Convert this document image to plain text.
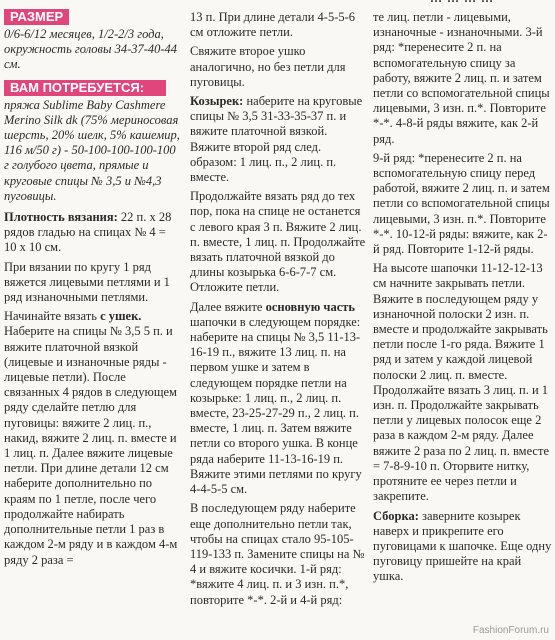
РАЗМЕР

0/6-6/12 месяцев, 1/2-2/3 года, окружность головы 34-37-40-44 см.

ВАМ ПОТРЕБУЕТСЯ:

пряжа Sublime Baby Cashmere Merino Silk dk (75% мериносовая шерсть, 20% шелк, 5% кашемир, 116 м/50 г) - 50-100-100-100-100 г голубого цвета, прямые и круговые спицы № 3,5 и №4,3 пуговицы.

Плотность вязания: 22 п. х 28 рядов гладью на спицах № 4 = 10 х 10 см.

При вязании по кругу 1 ряд вяжется лицевыми петлями и 1 ряд изнаночными петлями.

Начинайте вязать с ушек. Наберите на спицы № 3,5 5 п. и вяжите платочной вязкой (лицевые и изнаночные ряды - лицевые петли). После связанных 4 рядов в следующем ряду сделайте петлю для пуговицы: вяжите 2 лиц. п., накид, вяжите 2 лиц. п. вместе и 1 лиц. п. Далее вяжите лицевые петли. При длине детали 12 см наберите дополнительно по краям по 1 петле, после чего продолжайте набирать дополнительные петли 1 раз в каждом 2-м ряду и в каждом 4-м ряду 2 раза =

13 п. При длине детали 4-5-5-6 см отложите петли.

Свяжите второе ушко аналогично, но без петли для пуговицы.

Козырек: наберите на круговые спицы № 3,5 31-33-35-37 п. и вяжите платочной вязкой. Вяжите второй ряд след. образом: 1 лиц. п., 2 лиц. п. вместе.

Продолжайте вязать ряд до тех пор, пока на спице не останется с левого края 3 п. Вяжите 2 лиц. п. вместе, 1 лиц. п. Продолжайте вязать платочной вязкой до длины козырька 6-6-7-7 см. Отложите петли.

Далее вяжите основную часть шапочки в следующем порядке: наберите на спицы № 3,5 11-13-16-19 п., вяжите 13 лиц. п. на первом ушке и затем в следующем порядке петли на козырьке: 1 лиц. п., 2 лиц. п. вместе, 23-25-27-29 п., 2 лиц. п. вместе, 1 лиц. п. Затем вяжите петли со второго ушка. В конце ряда наберите 11-13-16-19 п. Вяжите этими петлями по кругу 4-4-5-5 см.

В последующем ряду наберите еще дополнительно петли так, чтобы на спицах стало 95-105-119-133 п. Замените спицы на № 4 и вяжите косички. 1-й ряд: *вяжите 4 лиц. п. и 3 изн. п.*, повторите *-*. 2-й и 4-й ряд:

те лиц. петли - лицевыми, изнаночные - изнаночными. 3-й ряд: *перенесите 2 п. на вспомогательную спицу за работу, вяжите 2 лиц. п. и затем петли со вспомогательной спицы лицевыми, 3 изн. п.*. Повторите *-*. 4-8-й ряды вяжите, как 2-й ряд.

9-й ряд: *перенесите 2 п. на вспомогательную спицу перед работой, вяжите 2 лиц. п. и затем петли со вспомогательной спицы лицевыми, 3 изн. п.*. Повторите *-*. 10-12-й ряды: вяжите, как 2-й ряд. Повторите 1-12-й ряды.

На высоте шапочки 11-12-12-13 см начните закрывать петли. Вяжите в последующем ряду у изнаночной полоски 2 изн. п. вместе и продолжайте закрывать петли после 1-го ряда. Вяжите 1 ряд и затем у каждой лицевой полоски 2 лиц. п. вместе. Продолжайте вязать 3 лиц. п. и 1 изн. п. Продолжайте закрывать петли у лицевых полосок еще 2 раза в каждом 2-м ряду. Далее вяжите 2 раза по 2 лиц. п. вместе = 7-8-9-10 п. Оторвите нитку, протяните ее через петли и закрепите.

Сборка: заверните козырек наверх и прикрепите его пуговицами к шапочке. Еще одну пуговицу пришейте на край ушка.

FashionForum.ru
